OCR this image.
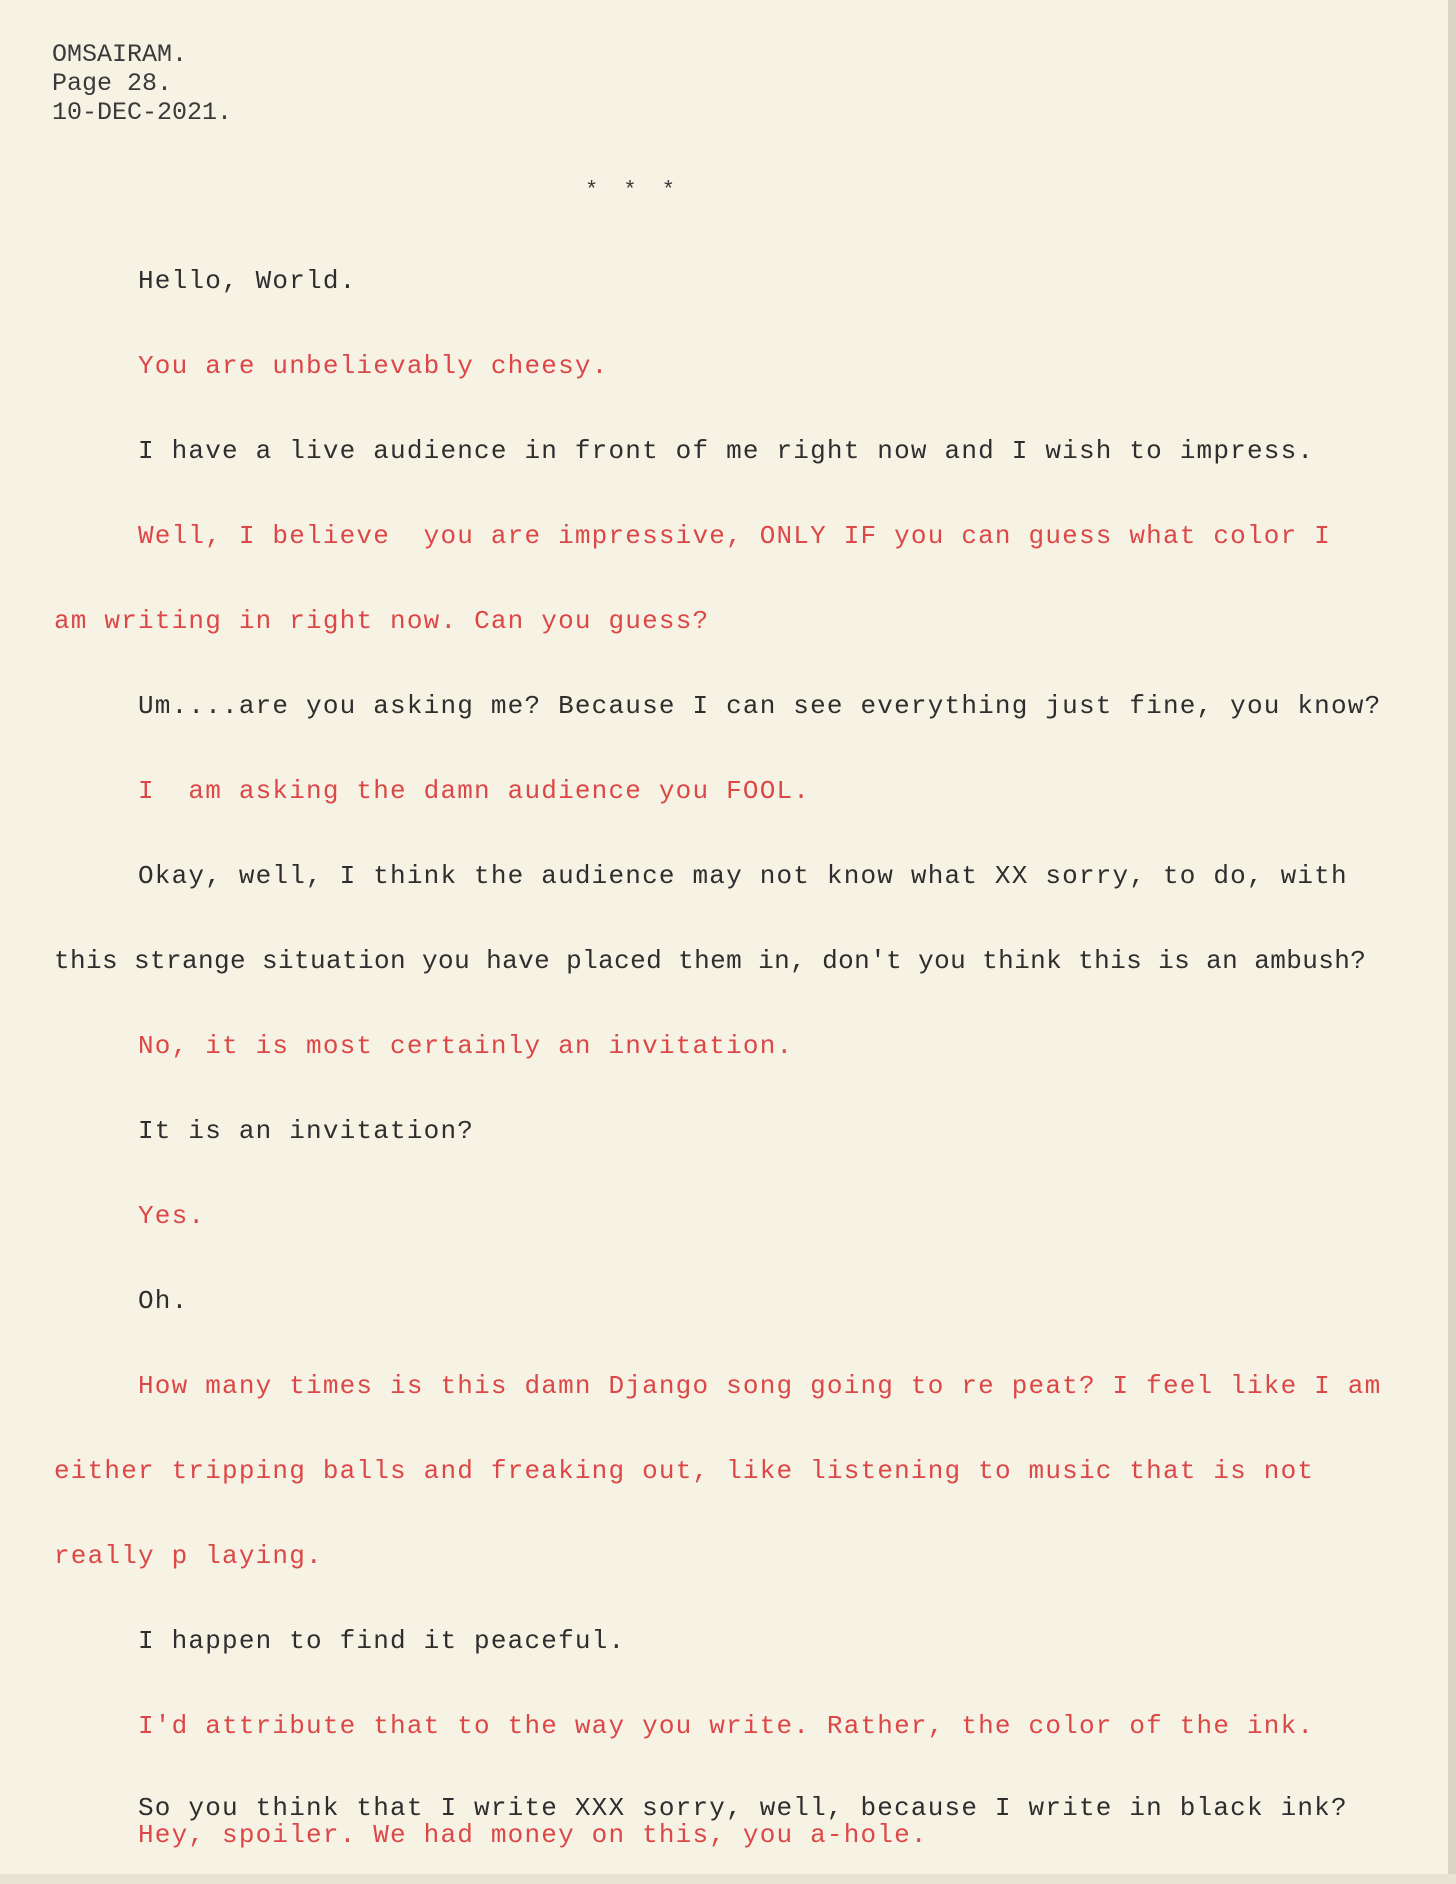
OMSAIRAM.
Page 28.
10-DEC-2021.
* * *
Hello, World.
You are unbelievably cheesy.
I have a live audience in front of me right now and I wish to impress.
Well, I believe  you are impressive, ONLY IF you can guess what color I
am writing in right now. Can you guess?
Um....are you asking me? Because I can see everything just fine, you know?
I  am asking the damn audience you FOOL.
Okay, well, I think the audience may not know what XX sorry, to do, with
this strange situation you have placed them in, don't you think this is an ambush?
No, it is most certainly an invitation.
It is an invitation?
Yes.
Oh.
How many times is this damn Django song going to re peat? I feel like I am
either tripping balls and freaking out, like listening to music that is not
really p laying.
I happen to find it peaceful.
I'd attribute that to the way you write. Rather, the color of the ink.
So you think that I write XXX sorry, well, because I write in black ink?
Hey, spoiler. We had money on this, you a-hole.
